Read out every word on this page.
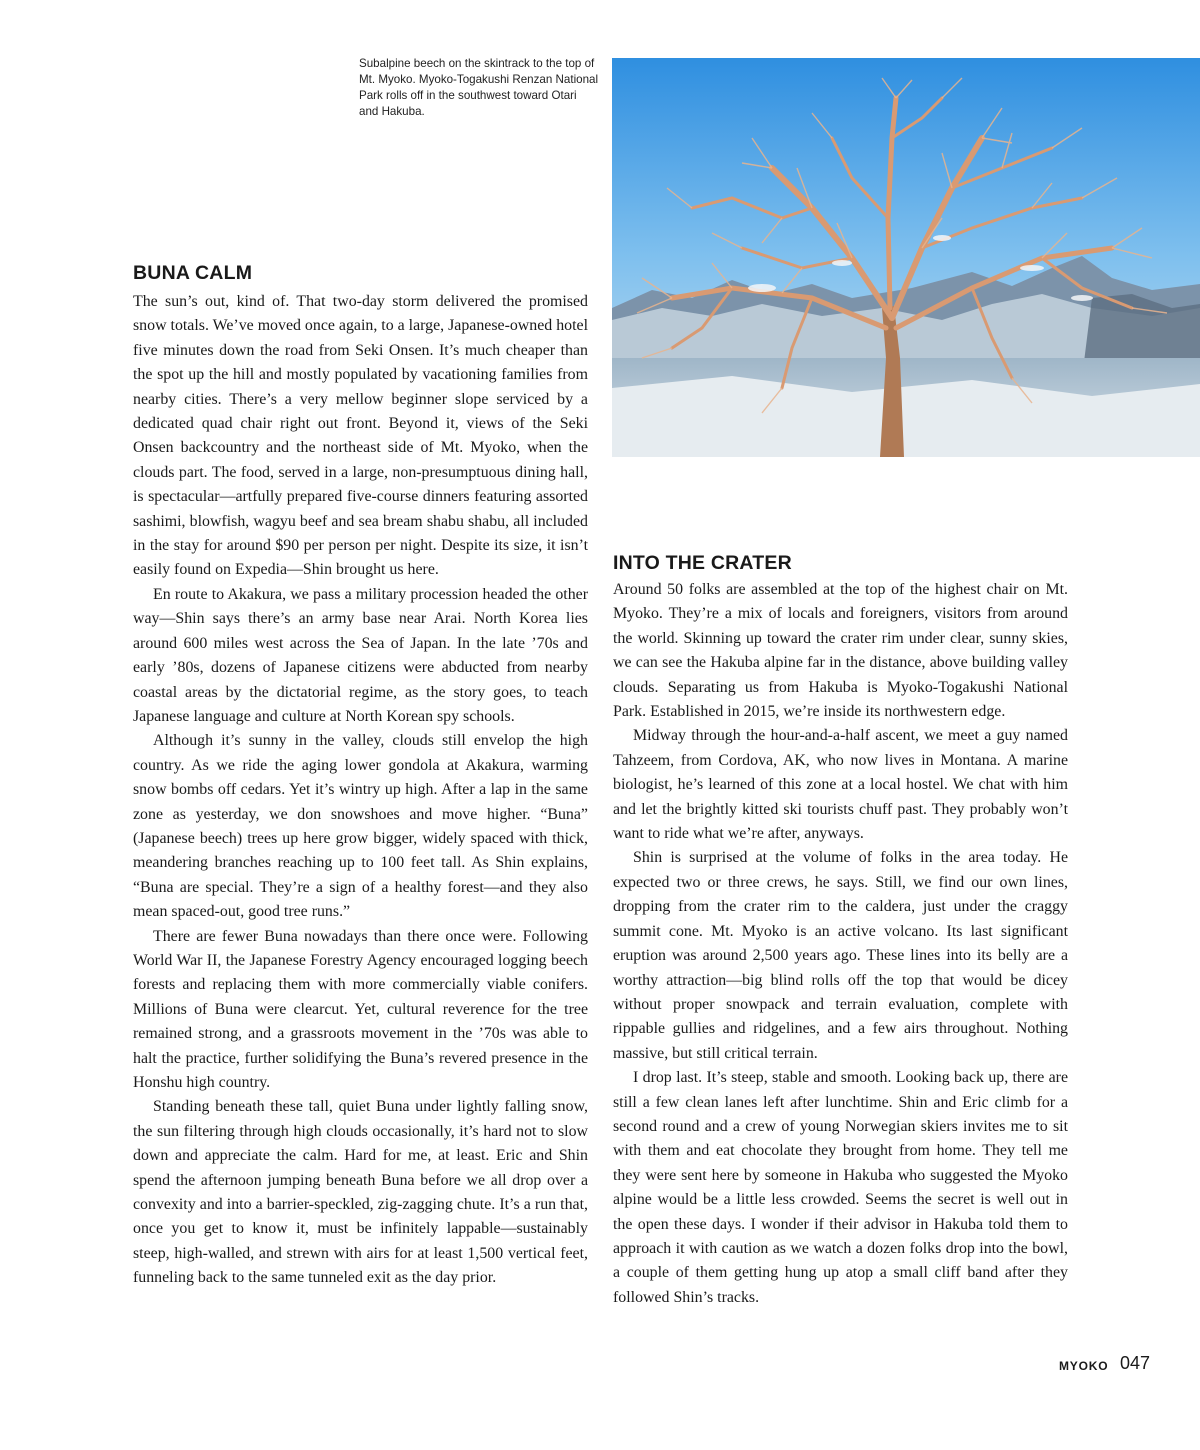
Subalpine beech on the skintrack to the top of Mt. Myoko. Myoko-Togakushi Renzan National Park rolls off in the southwest toward Otari and Hakuba.
BUNA CALM

The sun’s out, kind of. That two-day storm delivered the promised snow totals. We’ve moved once again, to a large, Japanese-owned hotel five minutes down the road from Seki Onsen. It’s much cheaper than the spot up the hill and mostly populated by vacationing families from nearby cities. There’s a very mellow beginner slope serviced by a dedicated quad chair right out front. Beyond it, views of the Seki Onsen backcountry and the northeast side of Mt. Myoko, when the clouds part. The food, served in a large, non-presumptuous dining hall, is spectacular—artfully prepared five-course dinners featuring assorted sashimi, blowfish, wagyu beef and sea bream shabu shabu, all included in the stay for around $90 per person per night. Despite its size, it isn’t easily found on Expedia—Shin brought us here.

En route to Akakura, we pass a military procession headed the other way—Shin says there’s an army base near Arai. North Korea lies around 600 miles west across the Sea of Japan. In the late ’70s and early ’80s, dozens of Japanese citizens were abducted from nearby coastal areas by the dictatorial regime, as the story goes, to teach Japanese language and culture at North Korean spy schools.

Although it’s sunny in the valley, clouds still envelop the high country. As we ride the aging lower gondola at Akakura, warming snow bombs off cedars. Yet it’s wintry up high. After a lap in the same zone as yesterday, we don snowshoes and move higher. “Buna” (Japanese beech) trees up here grow bigger, widely spaced with thick, meandering branches reaching up to 100 feet tall. As Shin explains, “Buna are special. They’re a sign of a healthy forest—and they also mean spaced-out, good tree runs.”

There are fewer Buna nowadays than there once were. Following World War II, the Japanese Forestry Agency encouraged logging beech forests and replacing them with more commercially viable conifers. Millions of Buna were clearcut. Yet, cultural reverence for the tree remained strong, and a grassroots movement in the ’70s was able to halt the practice, further solidifying the Buna’s revered presence in the Honshu high country.

Standing beneath these tall, quiet Buna under lightly falling snow, the sun filtering through high clouds occasionally, it’s hard not to slow down and appreciate the calm. Hard for me, at least. Eric and Shin spend the afternoon jumping beneath Buna before we all drop over a convexity and into a barrier-speckled, zig-zagging chute. It’s a run that, once you get to know it, must be infinitely lappable—sustainably steep, high-walled, and strewn with airs for at least 1,500 vertical feet, funneling back to the same tunneled exit as the day prior.

INTO THE CRATER

Around 50 folks are assembled at the top of the highest chair on Mt. Myoko. They’re a mix of locals and foreigners, visitors from around the world. Skinning up toward the crater rim under clear, sunny skies, we can see the Hakuba alpine far in the distance, above building valley clouds. Separating us from Hakuba is Myoko-Togakushi National Park. Established in 2015, we’re inside its northwestern edge.

Midway through the hour-and-a-half ascent, we meet a guy named Tahzeem, from Cordova, AK, who now lives in Montana. A marine biologist, he’s learned of this zone at a local hostel. We chat with him and let the brightly kitted ski tourists chuff past. They probably won’t want to ride what we’re after, anyways.

Shin is surprised at the volume of folks in the area today. He expected two or three crews, he says. Still, we find our own lines, dropping from the crater rim to the caldera, just under the craggy summit cone. Mt. Myoko is an active volcano. Its last significant eruption was around 2,500 years ago. These lines into its belly are a worthy attraction—big blind rolls off the top that would be dicey without proper snowpack and terrain evaluation, complete with rippable gullies and ridgelines, and a few airs throughout. Nothing massive, but still critical terrain.

I drop last. It’s steep, stable and smooth. Looking back up, there are still a few clean lanes left after lunchtime. Shin and Eric climb for a second round and a crew of young Norwegian skiers invites me to sit with them and eat chocolate they brought from home. They tell me they were sent here by someone in Hakuba who suggested the Myoko alpine would be a little less crowded. Seems the secret is well out in the open these days. I wonder if their advisor in Hakuba told them to approach it with caution as we watch a dozen folks drop into the bowl, a couple of them getting hung up atop a small cliff band after they followed Shin’s tracks.

MYOKO 047
